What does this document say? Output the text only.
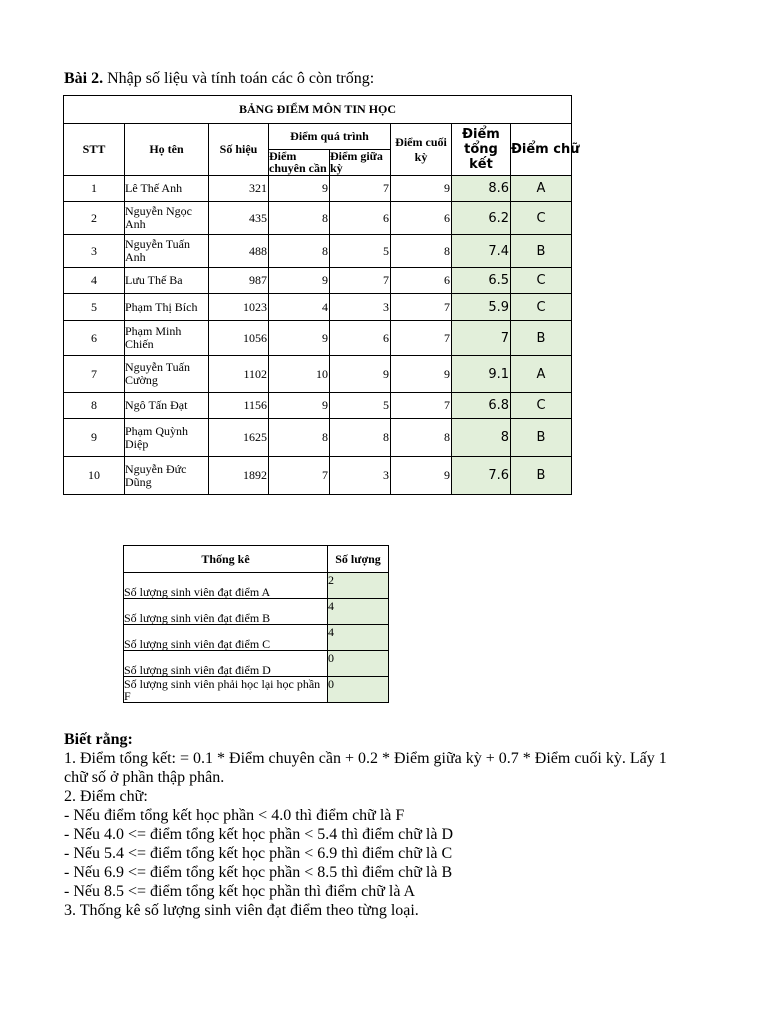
Bài 2. Nhập số liệu và tính toán các ô còn trống:
BẢNG ĐIỂM MÔN TIN HỌC							
STT	Họ tên	Số hiệu	Điểm quá trình		Điểm cuối kỳ	Điểm tổng kết	Điểm chữ
			Điểm chuyên cần	Điểm giữa kỳ			
1	Lê Thế Anh	321	9	7	9	8.6	A
2	Nguyễn Ngọc Anh	435	8	6	6	6.2	C
3	Nguyễn Tuấn Anh	488	8	5	8	7.4	B
4	Lưu Thế Ba	987	9	7	6	6.5	C
5	Phạm Thị Bích	1023	4	3	7	5.9	C
6	Phạm Minh Chiến	1056	9	6	7	7	B
7	Nguyễn Tuấn Cường	1102	10	9	9	9.1	A
8	Ngô Tấn Đạt	1156	9	5	7	6.8	C
9	Phạm Quỳnh Diệp	1625	8	8	8	8	B
10	Nguyễn Đức Dũng	1892	7	3	9	7.6	B
Thống kê	Số lượng
Số lượng sinh viên đạt điểm A	2
Số lượng sinh viên đạt điểm B	4
Số lượng sinh viên đạt điểm C	4
Số lượng sinh viên đạt điểm D	0
Số lượng sinh viên phải học lại học phần F	0

Biết rằng:

1. Điểm tổng kết: = 0.1 * Điểm chuyên cần + 0.2 * Điểm giữa kỳ + 0.7 * Điểm cuối kỳ. Lấy 1 chữ số ở phần thập phân.

2. Điểm chữ:

- Nếu điểm tổng kết học phần < 4.0 thì điểm chữ là F

- Nếu 4.0 <= điểm tổng kết học phần < 5.4 thì điểm chữ là D

- Nếu 5.4 <= điểm tổng kết học phần < 6.9 thì điểm chữ là C

- Nếu 6.9 <= điểm tổng kết học phần < 8.5 thì điểm chữ là B

- Nếu 8.5 <= điểm tổng kết học phần thì điểm chữ là A

3. Thống kê số lượng sinh viên đạt điểm theo từng loại.
